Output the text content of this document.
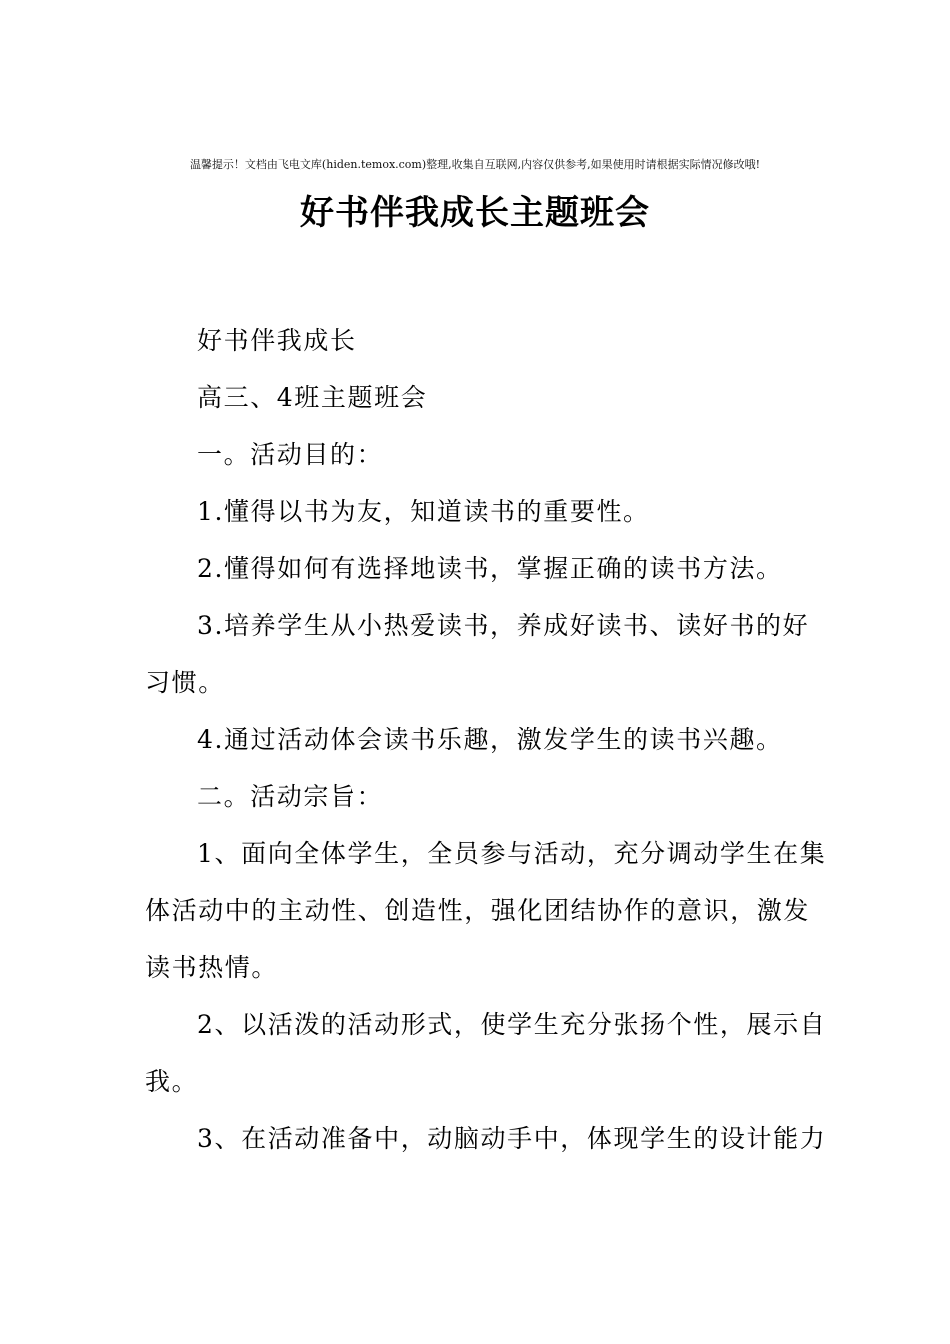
温馨提示！文档由飞电文库(hiden.temox.com)整理,收集自互联网,内容仅供参考,如果使用时请根据实际情况修改哦!
好书伴我成长主题班会

好书伴我成长

高三、4班主题班会

一。活动目的：

1.懂得以书为友，知道读书的重要性。

2.懂得如何有选择地读书，掌握正确的读书方法。

3.培养学生从小热爱读书，养成好读书、读好书的好
习惯。

4.通过活动体会读书乐趣，激发学生的读书兴趣。

二。活动宗旨：

1、面向全体学生，全员参与活动，充分调动学生在集
体活动中的主动性、创造性，强化团结协作的意识，激发
读书热情。

2、以活泼的活动形式，使学生充分张扬个性，展示自
我。

3、在活动准备中，动脑动手中，体现学生的设计能力
